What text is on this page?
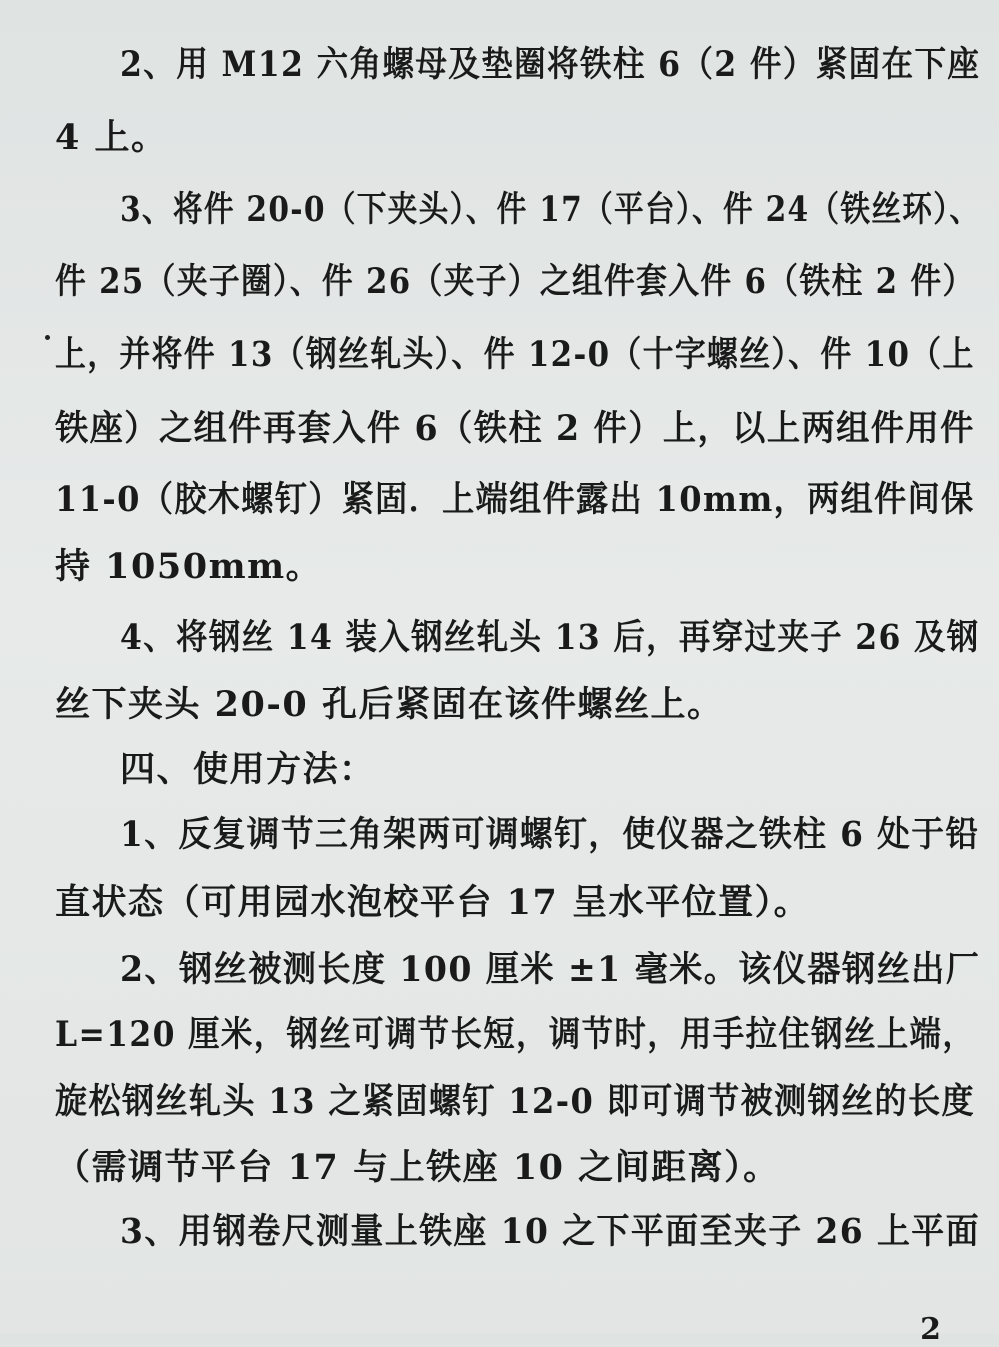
2、用 M12 六角螺母及垫圈将铁柱 6（2 件）紧固在下座
4 上。
3、将件 20-0（下夹头）、件 17（平台）、件 24（铁丝环）、
件 25（夹子圈）、件 26（夹子）之组件套入件 6（铁柱 2 件）
上，并将件 13（钢丝轧头）、件 12-0（十字螺丝）、件 10（上
铁座）之组件再套入件 6（铁柱 2 件）上，以上两组件用件
11-0（胶木螺钉）紧固．上端组件露出 10mm，两组件间保
持 1050mm。
4、将钢丝 14 装入钢丝轧头 13 后，再穿过夹子 26 及钢
丝下夹头 20-0 孔后紧固在该件螺丝上。
四、使用方法：
1、反复调节三角架两可调螺钉，使仪器之铁柱 6 处于铅
直状态（可用园水泡校平台 17 呈水平位置）。
2、钢丝被测长度 100 厘米 ±1 毫米。该仪器钢丝出厂
L=120 厘米，钢丝可调节长短，调节时，用手拉住钢丝上端，
旋松钢丝轧头 13 之紧固螺钉 12-0 即可调节被测钢丝的长度
（需调节平台 17 与上铁座 10 之间距离）。
3、用钢卷尺测量上铁座 10 之下平面至夹子 26 上平面
2
